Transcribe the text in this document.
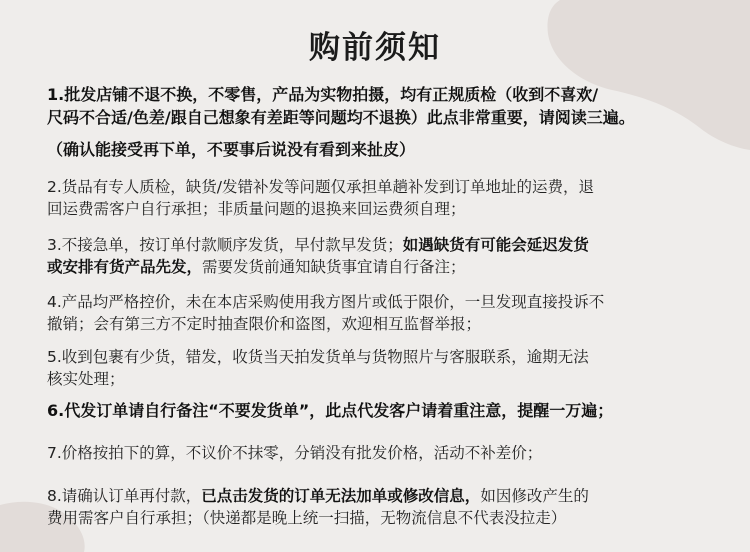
购前须知
1.批发店铺不退不换，不零售，产品为实物拍摄，均有正规质检（收到不喜欢/
尺码不合适/色差/跟自己想象有差距等问题均不退换）此点非常重要，请阅读三遍。
（确认能接受再下单，不要事后说没有看到来扯皮）
2.货品有专人质检，缺货/发错补发等问题仅承担单趟补发到订单地址的运费，退
回运费需客户自行承担；非质量问题的退换来回运费须自理；
3.不接急单，按订单付款顺序发货，早付款早发货；如遇缺货有可能会延迟发货
或安排有货产品先发，需要发货前通知缺货事宜请自行备注；
4.产品均严格控价，未在本店采购使用我方图片或低于限价，一旦发现直接投诉不
撤销；会有第三方不定时抽查限价和盗图，欢迎相互监督举报；
5.收到包裹有少货，错发，收货当天拍发货单与货物照片与客服联系，逾期无法
核实处理；
6.代发订单请自行备注“不要发货单”，此点代发客户请着重注意，提醒一万遍；
7.价格按拍下的算，不议价不抹零，分销没有批发价格，活动不补差价；
8.请确认订单再付款，已点击发货的订单无法加单或修改信息，如因修改产生的
费用需客户自行承担；（快递都是晚上统一扫描，无物流信息不代表没拉走）
